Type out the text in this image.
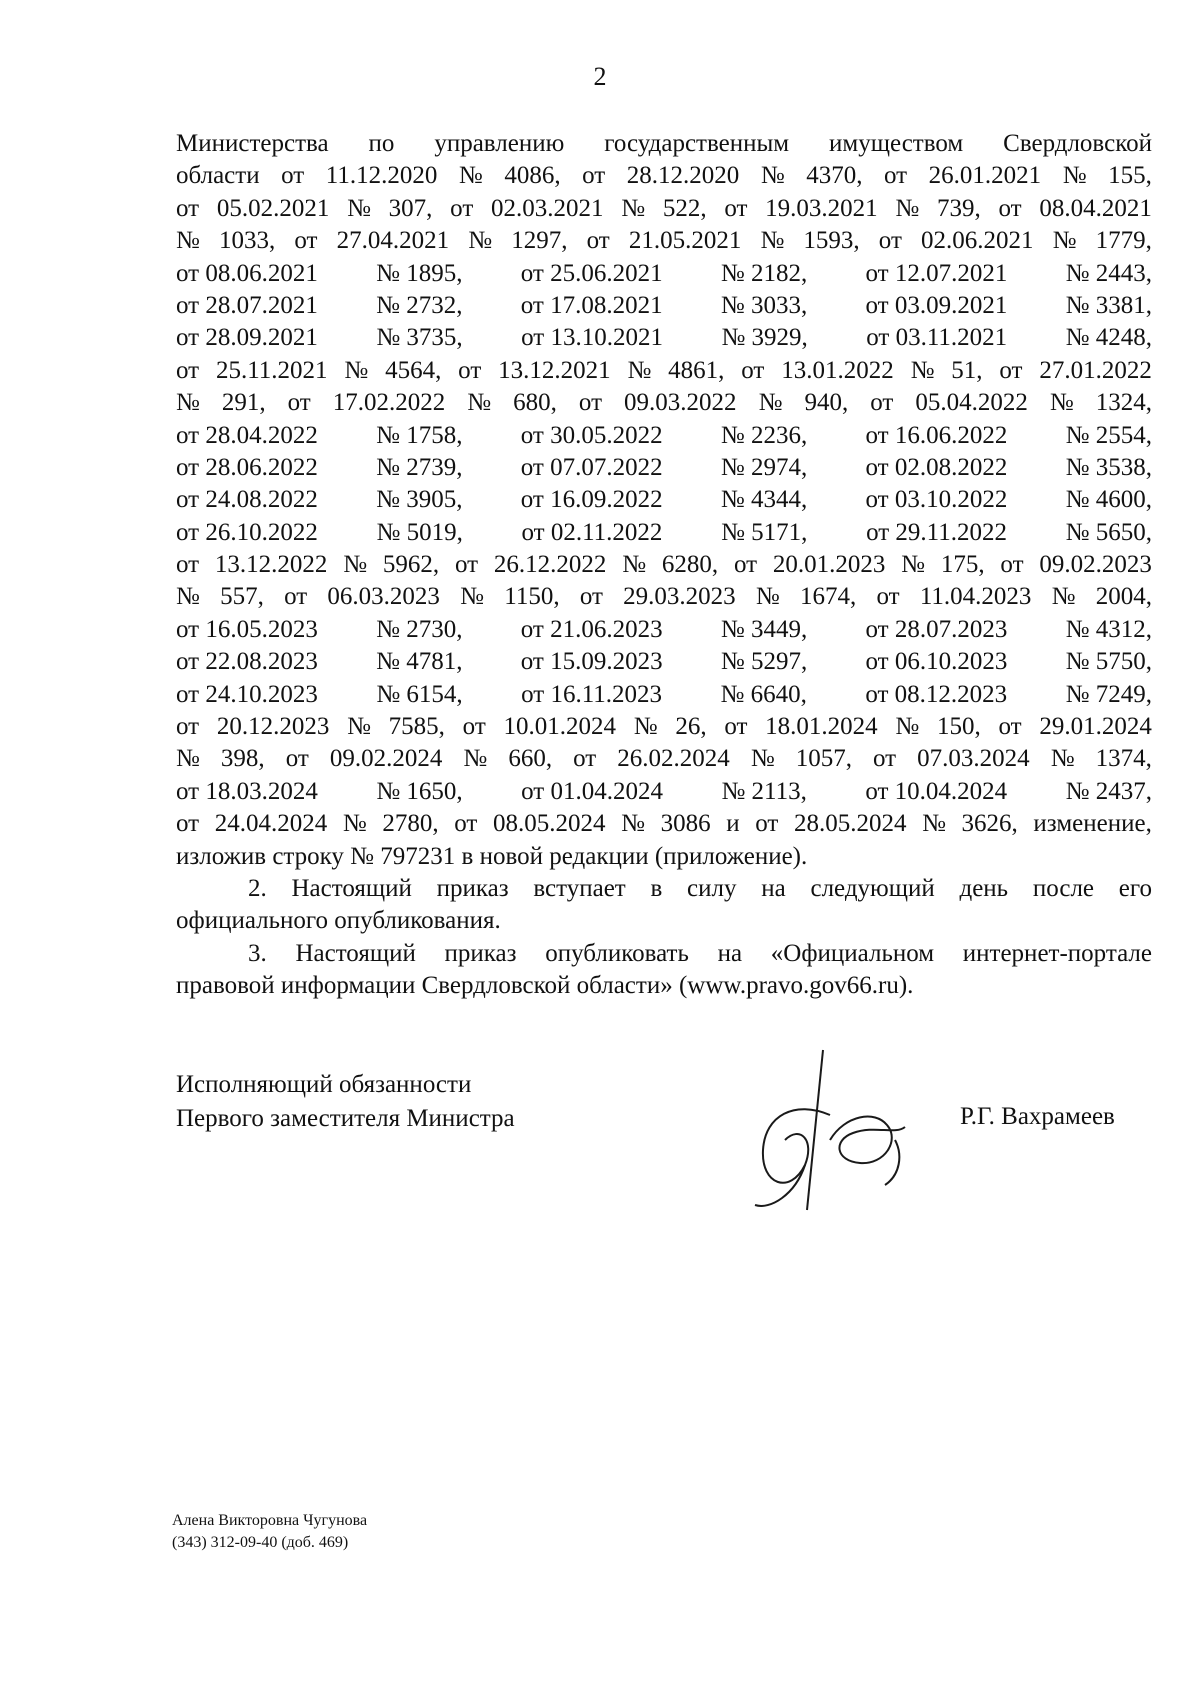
2
Министерства по управлению государственным имуществом Свердловской
области от 11.12.2020 № 4086, от 28.12.2020 № 4370, от 26.01.2021 № 155,
от 05.02.2021 № 307, от 02.03.2021 № 522, от 19.03.2021 № 739, от 08.04.2021
№ 1033, от 27.04.2021 № 1297, от 21.05.2021 № 1593, от 02.06.2021 № 1779,
от 08.06.2021 № 1895, от 25.06.2021 № 2182, от 12.07.2021 № 2443,
от 28.07.2021 № 2732, от 17.08.2021 № 3033, от 03.09.2021 № 3381,
от 28.09.2021 № 3735, от 13.10.2021 № 3929, от 03.11.2021 № 4248,
от 25.11.2021 № 4564, от 13.12.2021 № 4861, от 13.01.2022 № 51, от 27.01.2022
№ 291, от 17.02.2022 № 680, от 09.03.2022 № 940, от 05.04.2022 № 1324,
от 28.04.2022 № 1758, от 30.05.2022 № 2236, от 16.06.2022 № 2554,
от 28.06.2022 № 2739, от 07.07.2022 № 2974, от 02.08.2022 № 3538,
от 24.08.2022 № 3905, от 16.09.2022 № 4344, от 03.10.2022 № 4600,
от 26.10.2022 № 5019, от 02.11.2022 № 5171, от 29.11.2022 № 5650,
от 13.12.2022 № 5962, от 26.12.2022 № 6280, от 20.01.2023 № 175, от 09.02.2023
№ 557, от 06.03.2023 № 1150, от 29.03.2023 № 1674, от 11.04.2023 № 2004,
от 16.05.2023 № 2730, от 21.06.2023 № 3449, от 28.07.2023 № 4312,
от 22.08.2023 № 4781, от 15.09.2023 № 5297, от 06.10.2023 № 5750,
от 24.10.2023 № 6154, от 16.11.2023 № 6640, от 08.12.2023 № 7249,
от 20.12.2023 № 7585, от 10.01.2024 № 26, от 18.01.2024 № 150, от 29.01.2024
№ 398, от 09.02.2024 № 660, от 26.02.2024 № 1057, от 07.03.2024 № 1374,
от 18.03.2024 № 1650, от 01.04.2024 № 2113, от 10.04.2024 № 2437,
от 24.04.2024 № 2780, от 08.05.2024 № 3086 и от 28.05.2024 № 3626, изменение,
изложив строку № 797231 в новой редакции (приложение).
2. Настоящий приказ вступает в силу на следующий день после его
официального опубликования.
3. Настоящий приказ опубликовать на «Официальном интернет-портале
правовой информации Свердловской области» (www.pravo.gov66.ru).
Исполняющий обязанности
Первого заместителя Министра	Р.Г. Вахрамеев
Алена Викторовна Чугунова
(343) 312-09-40 (доб. 469)
